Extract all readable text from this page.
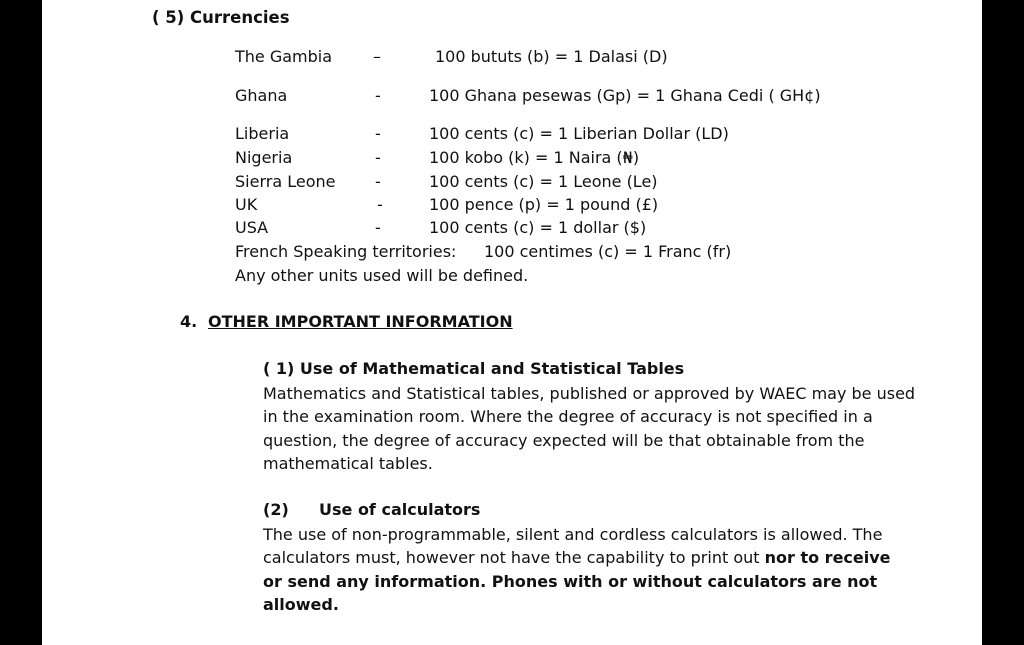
( 5) Currencies
The Gambia	–	100 bututs (b) = 1 Dalasi (D)
Ghana	-	100 Ghana pesewas (Gp) = 1 Ghana Cedi ( GH¢)
Liberia	-	100 cents (c) = 1 Liberian Dollar (LD)
Nigeria	-	100 kobo (k) = 1 Naira (₦)
Sierra Leone -	100 cents (c) = 1 Leone (Le)
UK	-	100 pence (p) = 1 pound (£)
USA	-	100 cents (c) = 1 dollar ($)
French Speaking territories: 100 centimes (c) = 1 Franc (fr)
Any other units used will be defined.
4. OTHER IMPORTANT INFORMATION
( 1) Use of Mathematical and Statistical Tables
Mathematics and Statistical tables, published or approved by WAEC may be used
in the examination room. Where the degree of accuracy is not specified in a
question, the degree of accuracy expected will be that obtainable from the
mathematical tables.
(2) Use of calculators
The use of non-programmable, silent and cordless calculators is allowed. The
calculators must, however not have the capability to print out nor to receive
or send any information. Phones with or without calculators are not
allowed.
